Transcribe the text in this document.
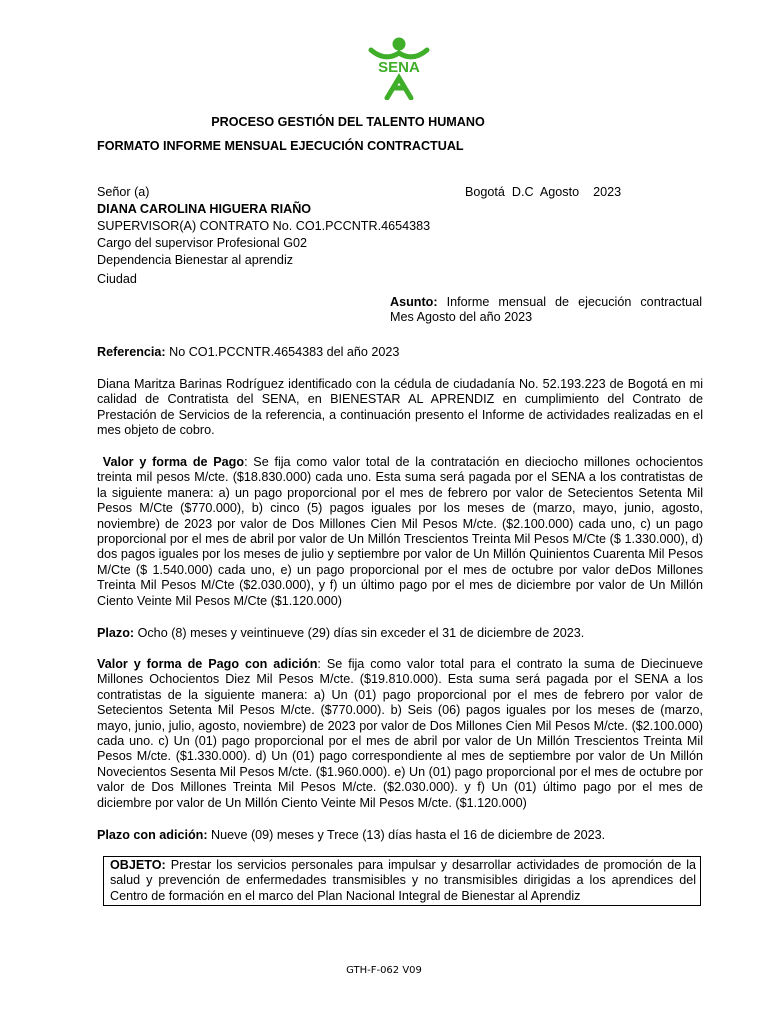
SENA
PROCESO GESTIÓN DEL TALENTO HUMANO
FORMATO INFORME MENSUAL EJECUCIÓN CONTRACTUAL
Señor (a)
DIANA CAROLINA HIGUERA RIAÑO
SUPERVISOR(A) CONTRATO No. CO1.PCCNTR.4654383
Cargo del supervisor Profesional G02
Dependencia Bienestar al aprendiz
Bogotá  D.C  Agosto    2023
Ciudad
Asunto: Informe mensual de ejecución contractual
Mes Agosto del año 2023
Referencia: No CO1.PCCNTR.4654383 del año 2023
Diana Maritza Barinas Rodríguez identificado con la cédula de ciudadanía No. 52.193.223 de Bogotá en mi calidad de Contratista del SENA, en BIENESTAR AL APRENDIZ en cumplimiento del Contrato de Prestación de Servicios de la referencia, a continuación presento el Informe de actividades realizadas en el mes objeto de cobro.
Valor y forma de Pago: Se fija como valor total de la contratación en dieciocho millones ochocientos treinta mil pesos M/cte. ($18.830.000) cada uno. Esta suma será pagada por el SENA a los contratistas de la siguiente manera: a) un pago proporcional por el mes de febrero por valor de Setecientos Setenta Mil Pesos M/Cte ($770.000), b) cinco (5) pagos iguales por los meses de (marzo, mayo, junio, agosto, noviembre) de 2023 por valor de Dos Millones Cien Mil Pesos M/cte. ($2.100.000) cada uno, c) un pago proporcional por el mes de abril por valor de Un Millón Trescientos Treinta Mil Pesos M/Cte ($ 1.330.000), d) dos pagos iguales por los meses de julio y septiembre por valor de Un Millón Quinientos Cuarenta Mil Pesos M/Cte ($ 1.540.000) cada uno, e) un pago proporcional por el mes de octubre por valor deDos Millones Treinta Mil Pesos M/Cte ($2.030.000), y f) un último pago por el mes de diciembre por valor de Un Millón Ciento Veinte Mil Pesos M/Cte ($1.120.000)
Plazo: Ocho (8) meses y veintinueve (29) días sin exceder el 31 de diciembre de 2023.
Valor y forma de Pago con adición: Se fija como valor total para el contrato la suma de Diecinueve Millones Ochocientos Diez Mil Pesos M/cte. ($19.810.000). Esta suma será pagada por el SENA a los contratistas de la siguiente manera: a) Un (01) pago proporcional por el mes de febrero por valor de Setecientos Setenta Mil Pesos M/cte. ($770.000). b) Seis (06) pagos iguales por los meses de (marzo, mayo, junio, julio, agosto, noviembre) de 2023 por valor de Dos Millones Cien Mil Pesos M/cte. ($2.100.000) cada uno. c) Un (01) pago proporcional por el mes de abril por valor de Un Millón Trescientos Treinta Mil Pesos M/cte. ($1.330.000). d) Un (01) pago correspondiente al mes de septiembre por valor de Un Millón Novecientos Sesenta Mil Pesos M/cte. ($1.960.000). e) Un (01) pago proporcional por el mes de octubre por valor de Dos Millones Treinta Mil Pesos M/cte. ($2.030.000). y f) Un (01) último pago por el mes de diciembre por valor de Un Millón Ciento Veinte Mil Pesos M/cte. ($1.120.000)
Plazo con adición: Nueve (09) meses y Trece (13) días hasta el 16 de diciembre de 2023.
OBJETO: Prestar los servicios personales para impulsar y desarrollar actividades de promoción de la salud y prevención de enfermedades transmisibles y no transmisibles dirigidas a los aprendices del Centro de formación en el marco del Plan Nacional Integral de Bienestar al Aprendiz
GTH-F-062 V09
